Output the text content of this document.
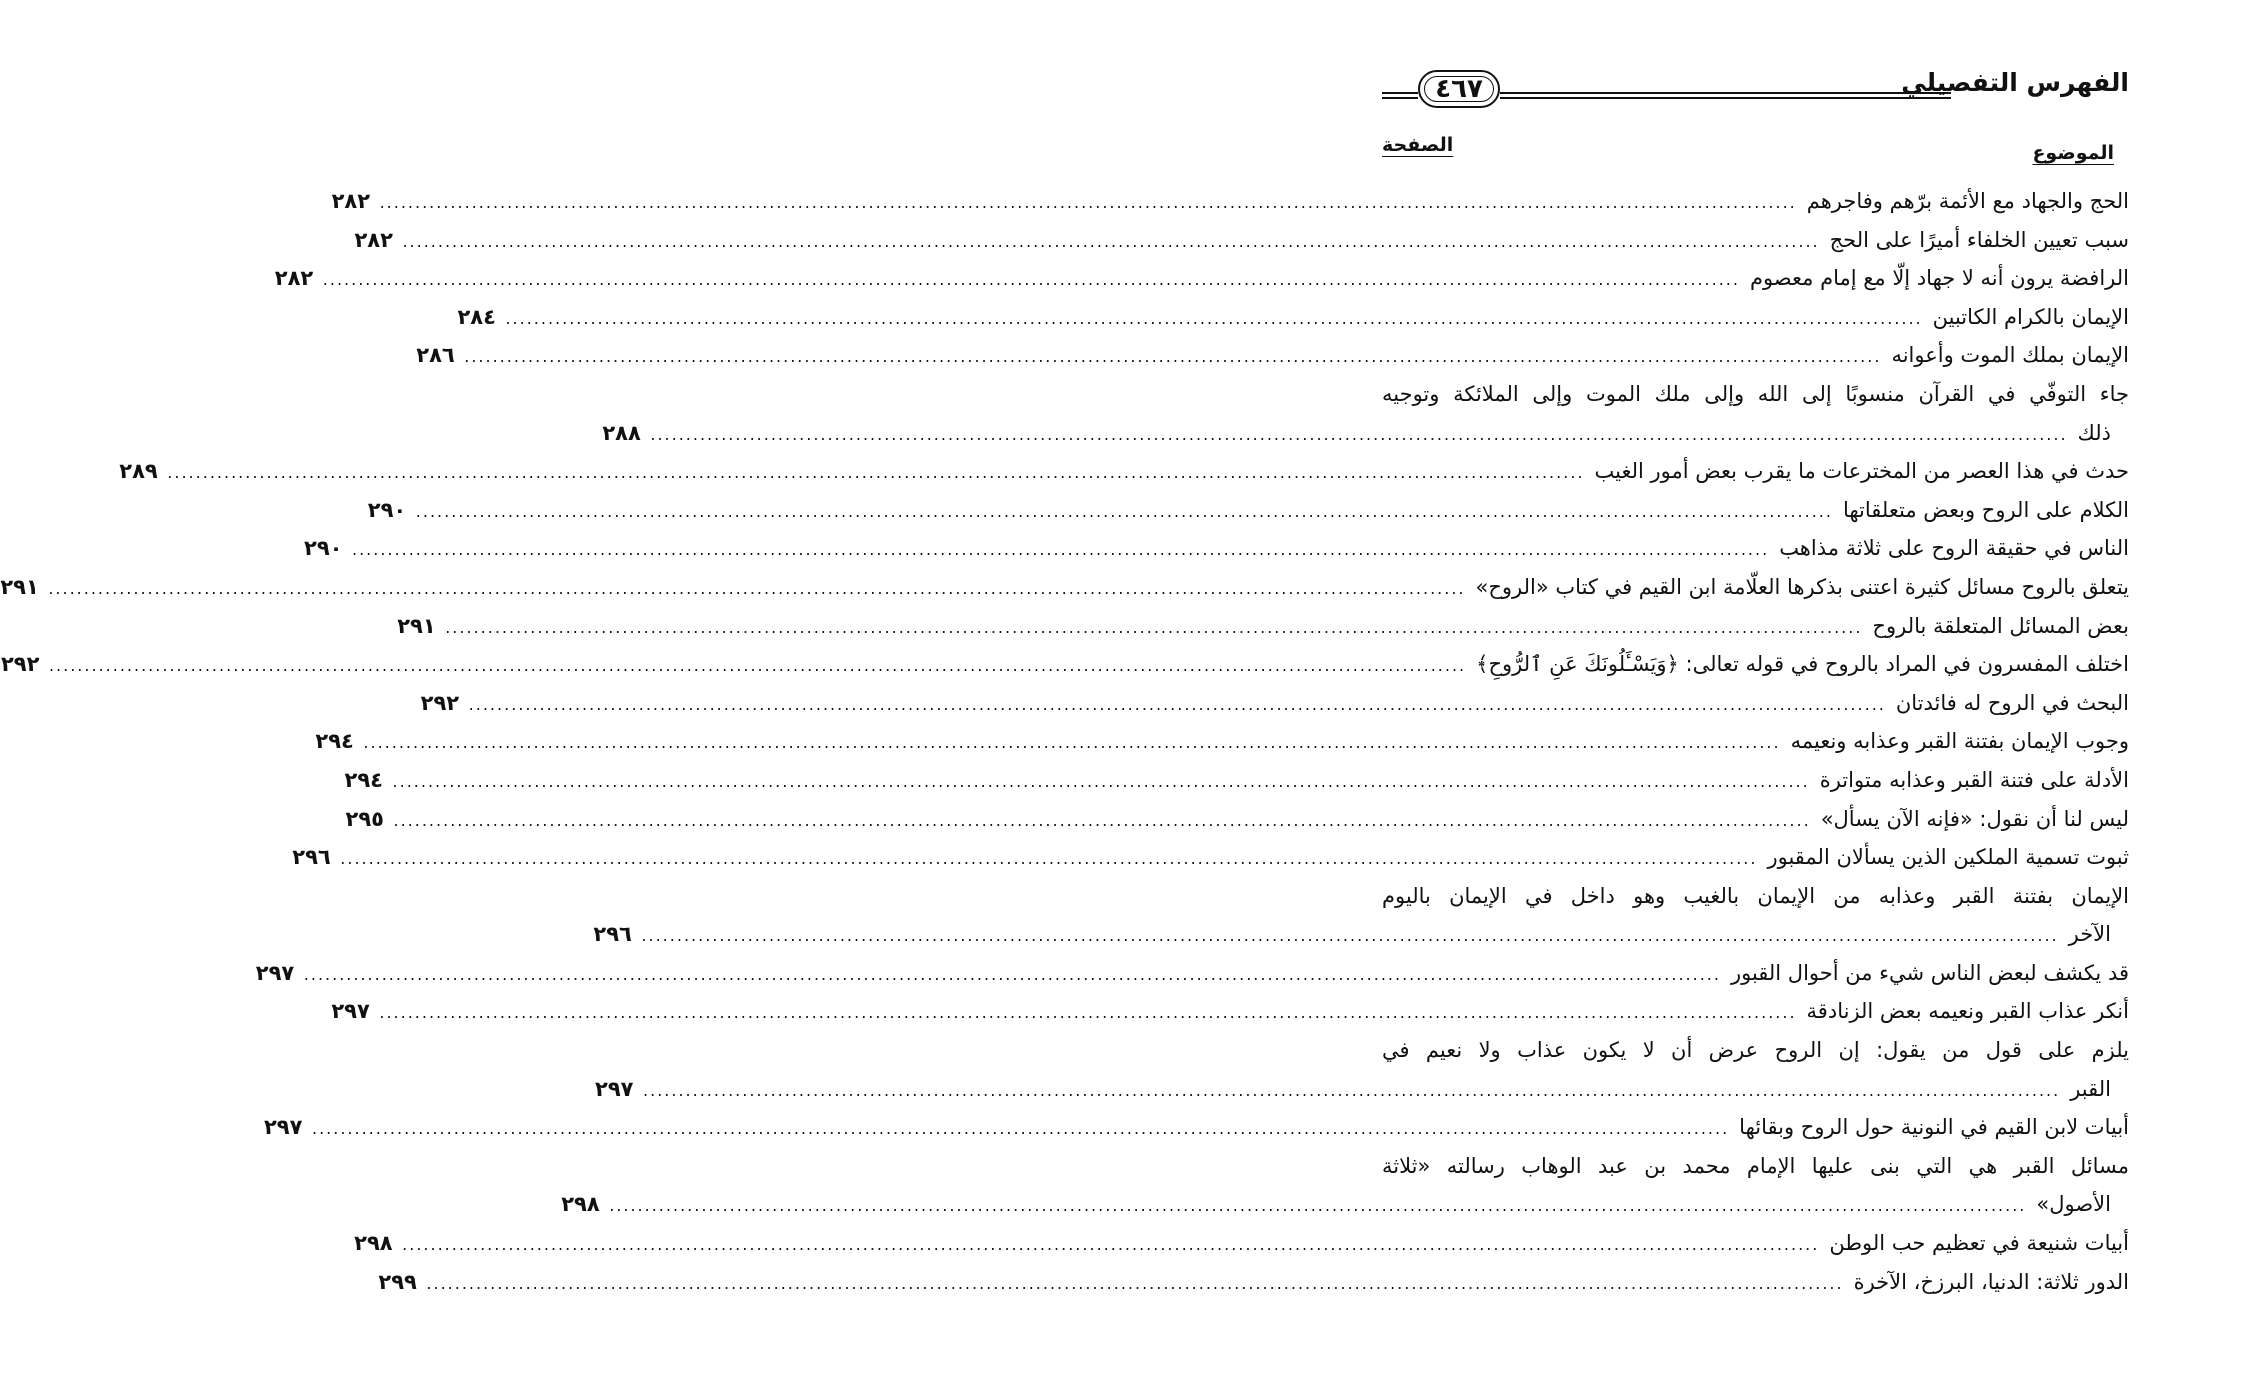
الفهرس التفصيلي
٤٦٧
الموضوع
الصفحة
الحج والجهاد مع الأئمة برّهم وفاجرهم
........................................................................................................................................................................................................
٢٨٢
سبب تعيين الخلفاء أميرًا على الحج
........................................................................................................................................................................................................
٢٨٢
الرافضة يرون أنه لا جهاد إلّا مع إمام معصوم
........................................................................................................................................................................................................
٢٨٢
الإيمان بالكرام الكاتبين
........................................................................................................................................................................................................
٢٨٤
الإيمان بملك الموت وأعوانه
........................................................................................................................................................................................................
٢٨٦
جاء التوفّي في القرآن منسوبًا إلى الله وإلى ملك الموت وإلى الملائكة وتوجيه
ذلك
........................................................................................................................................................................................................
٢٨٨
حدث في هذا العصر من المخترعات ما يقرب بعض أمور الغيب
........................................................................................................................................................................................................
٢٨٩
الكلام على الروح وبعض متعلقاتها
........................................................................................................................................................................................................
٢٩٠
الناس في حقيقة الروح على ثلاثة مذاهب
........................................................................................................................................................................................................
٢٩٠
يتعلق بالروح مسائل كثيرة اعتنى بذكرها العلّامة ابن القيم في كتاب «الروح»
........................................................................................................................................................................................................
٢٩١
بعض المسائل المتعلقة بالروح
........................................................................................................................................................................................................
٢٩١
اختلف المفسرون في المراد بالروح في قوله تعالى: ﴿وَيَسْـَٔلُونَكَ عَنِ ٱلرُّوحِ﴾
........................................................................................................................................................................................................
٢٩٢
البحث في الروح له فائدتان
........................................................................................................................................................................................................
٢٩٢
وجوب الإيمان بفتنة القبر وعذابه ونعيمه
........................................................................................................................................................................................................
٢٩٤
الأدلة على فتنة القبر وعذابه متواترة
........................................................................................................................................................................................................
٢٩٤
ليس لنا أن نقول: «فإنه الآن يسأل»
........................................................................................................................................................................................................
٢٩٥
ثبوت تسمية الملكين الذين يسألان المقبور
........................................................................................................................................................................................................
٢٩٦
الإيمان بفتنة القبر وعذابه من الإيمان بالغيب وهو داخل في الإيمان باليوم
الآخر
........................................................................................................................................................................................................
٢٩٦
قد يكشف لبعض الناس شيء من أحوال القبور
........................................................................................................................................................................................................
٢٩٧
أنكر عذاب القبر ونعيمه بعض الزنادقة
........................................................................................................................................................................................................
٢٩٧
يلزم على قول من يقول: إن الروح عرض أن لا يكون عذاب ولا نعيم في
القبر
........................................................................................................................................................................................................
٢٩٧
أبيات لابن القيم في النونية حول الروح وبقائها
........................................................................................................................................................................................................
٢٩٧
مسائل القبر هي التي بنى عليها الإمام محمد بن عبد الوهاب رسالته «ثلاثة
الأصول»
........................................................................................................................................................................................................
٢٩٨
أبيات شنيعة في تعظيم حب الوطن
........................................................................................................................................................................................................
٢٩٨
الدور ثلاثة: الدنيا، البرزخ، الآخرة
........................................................................................................................................................................................................
٢٩٩
